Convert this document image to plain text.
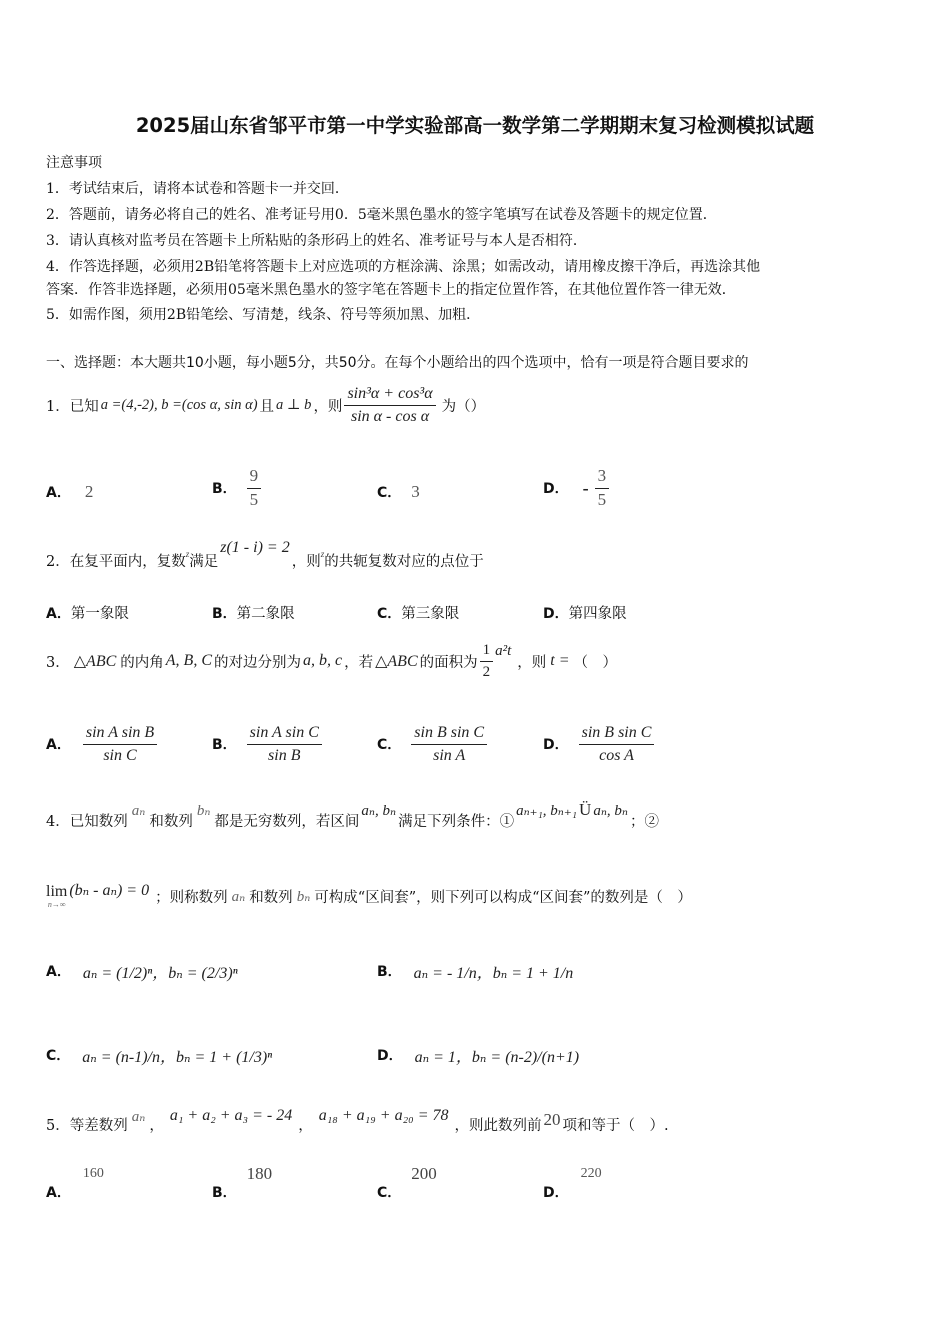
2025届山东省邹平市第一中学实验部高一数学第二学期期末复习检测模拟试题
注意事项
1．考试结束后，请将本试卷和答题卡一并交回．
2．答题前，请务必将自己的姓名、准考证号用0．5毫米黑色墨水的签字笔填写在试卷及答题卡的规定位置．
3．请认真核对监考员在答题卡上所粘贴的条形码上的姓名、准考证号与本人是否相符．
4．作答选择题，必须用2B铅笔将答题卡上对应选项的方框涂满、涂黑；如需改动，请用橡皮擦干净后，再选涂其他
答案．作答非选择题，必须用05毫米黑色墨水的签字笔在答题卡上的指定位置作答，在其他位置作答一律无效．
5．如需作图，须用2B铅笔绘、写清楚，线条、符号等须加黑、加粗．
一、选择题：本大题共10小题，每小题5分，共50分。在每个小题给出的四个选项中，恰有一项是符合题目要求的
1． 已知 a =(4,-2), b =(cos α, sin α) 且 a ⊥ b ，则 $\frac{\text{sin³α + cos³α}}{\text{sin α - cos α}}$ 为（）
A． 2	B． $\frac{9}{5}$	C． 3	D． - $\frac{3}{5}$
2． 在复平面内，复数 z 满足
z(1 - i) = 2
，则 z 的共轭复数对应的点位于
A．第一象限	B．第二象限	C．第三象限	D．第四象限
3． △ABC 的内角 A, B, C 的对边分别为 a, b, c ，若 △ABC 的面积为 $\frac{1}{2} a^2t$
，则 t = （　）
A． $\frac{\text{sin A sin B}}{\text{sin C}}$	B． $\frac{\text{sin A sin C}}{\text{sin B}}$	C． $\frac{\text{sin B sin C}}{\text{sin A}}$	D． $\frac{\text{sin B sin C}}{\text{cos A}}$
4． 已知数列
aₙ
和数列
bₙ
都是无穷数列，若区间
aₙ, bₙ
满足下列条件：①
aₙ₊₁, bₙ₊₁ Ü aₙ, bₙ
；②
lim
n→∞
(bₙ - aₙ) = 0 ；则称数列 aₙ 和数列 bₙ 可构成“区间套”，则下列可以构成“区间套”的数列是（　）
A． aₙ = (1/2)ⁿ，bₙ = (2/3)ⁿ	B． aₙ = - 1/n，bₙ = 1 + 1/n
C． aₙ = (n-1)/n，bₙ = 1 + (1/3)ⁿ	D． aₙ = 1，bₙ = (n-2)/(n+1)
5． 等差数列
aₙ
，
a₁ + a₂ + a₃ = - 24
，
a₁₈ + a₁₉ + a₂₀ = 78
，则此数列前 20 项和等于（　）.
A．
160
B．
180
C．
200
D．
220
